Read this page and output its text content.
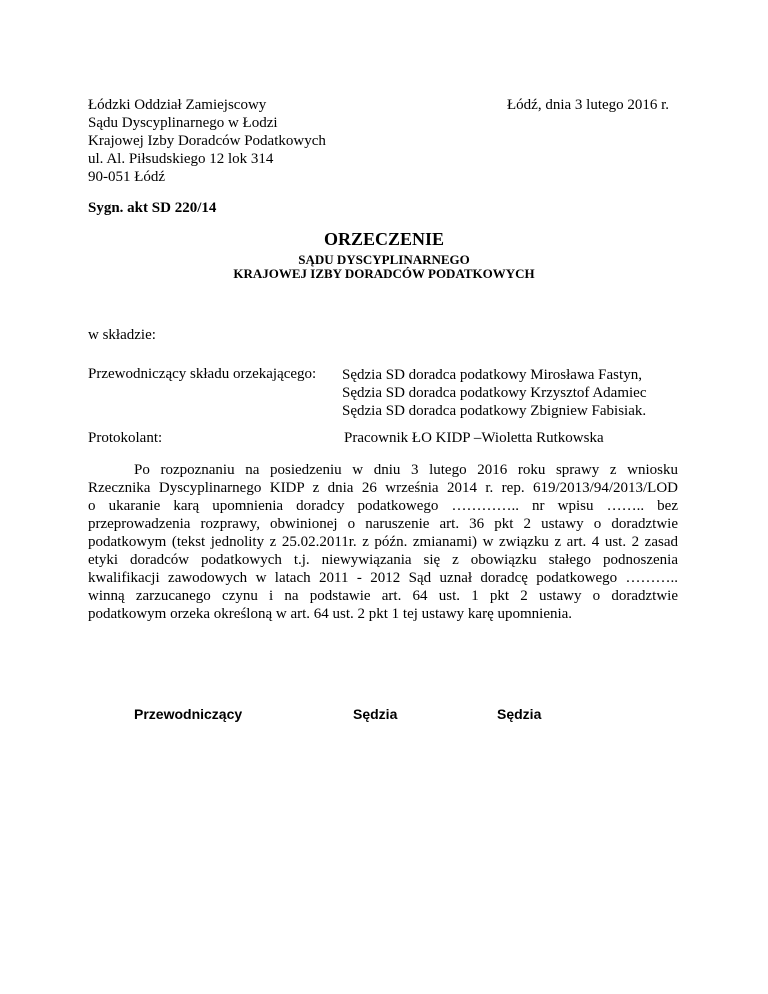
Łódzki Oddział Zamiejscowy
Sądu Dyscyplinarnego w Łodzi
Krajowej Izby Doradców Podatkowych
ul. Al. Piłsudskiego 12 lok 314
90-051 Łódź
Łódź, dnia 3 lutego 2016 r.
Sygn. akt SD 220/14
ORZECZENIE
SĄDU DYSCYPLINARNEGO
KRAJOWEJ IZBY DORADCÓW PODATKOWYCH
w składzie:
Przewodniczący składu orzekającego: Sędzia SD doradca podatkowy Mirosława Fastyn,
Sędzia SD doradca podatkowy Krzysztof Adamiec
Sędzia SD doradca podatkowy Zbigniew Fabisiak.
Protokolant:	Pracownik ŁO KIDP –Wioletta Rutkowska
Po rozpoznaniu na posiedzeniu w dniu 3 lutego 2016 roku sprawy z wniosku
Rzecznika Dyscyplinarnego KIDP z dnia 26 września 2014 r. rep. 619/2013/94/2013/LOD
o ukaranie karą upomnienia doradcy podatkowego ………….. nr wpisu …….. bez
przeprowadzenia rozprawy, obwinionej o naruszenie art. 36 pkt 2 ustawy o doradztwie
podatkowym (tekst jednolity z 25.02.2011r. z późn. zmianami) w związku z art. 4 ust. 2 zasad
etyki doradców podatkowych t.j. niewywiązania się z obowiązku stałego podnoszenia
kwalifikacji zawodowych w latach 2011 - 2012 Sąd uznał doradcę podatkowego ………..
winną zarzucanego czynu i na podstawie art. 64 ust. 1 pkt 2 ustawy o doradztwie
podatkowym orzeka określoną w art. 64 ust. 2 pkt 1 tej ustawy karę upomnienia.
Przewodniczący	Sędzia	Sędzia
